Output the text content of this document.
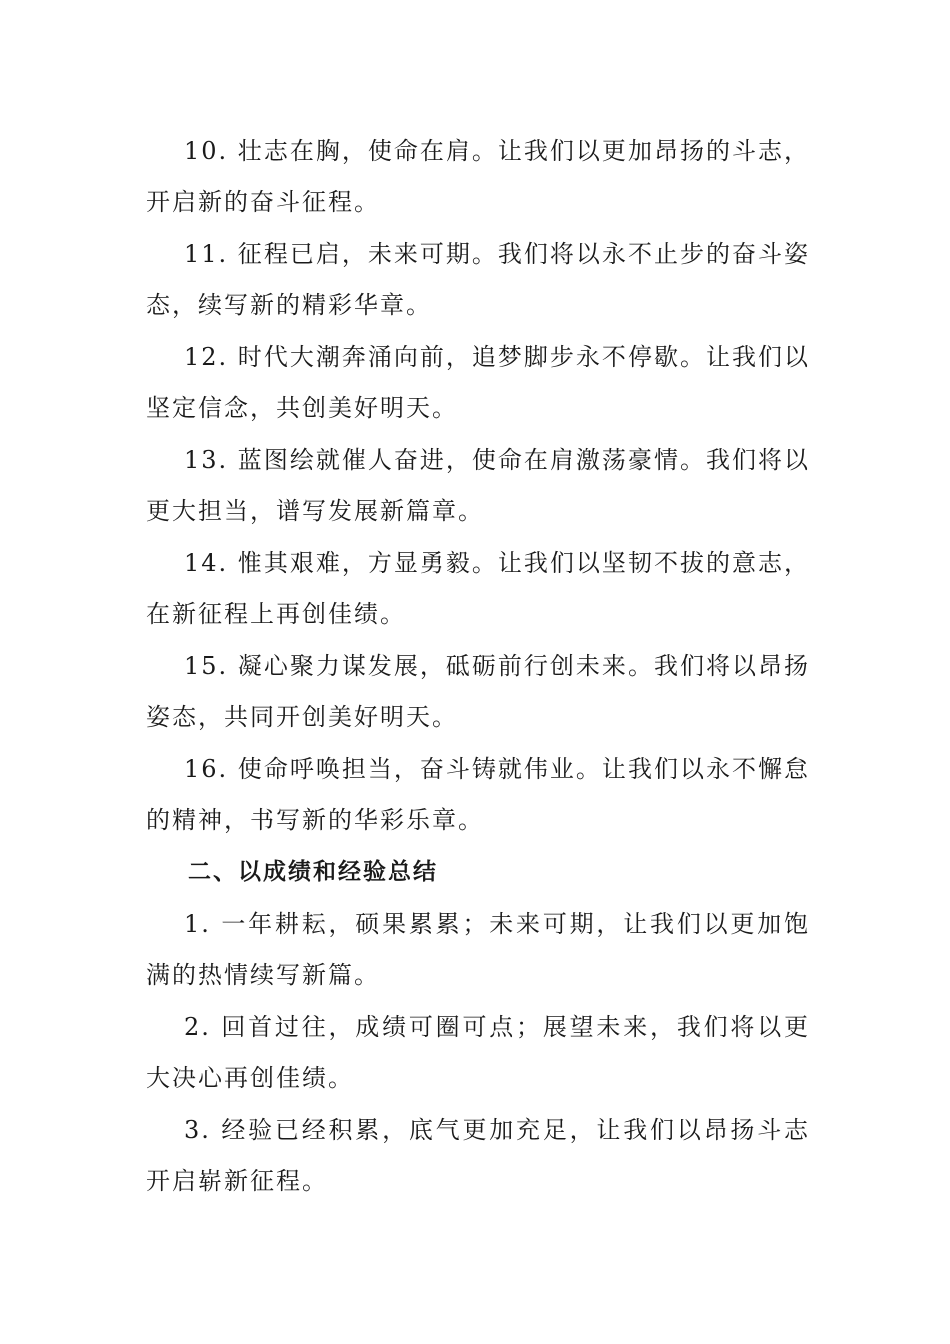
10. 壮志在胸，使命在肩。让我们以更加昂扬的斗志，开启新的奋斗征程。

11. 征程已启，未来可期。我们将以永不止步的奋斗姿态，续写新的精彩华章。

12. 时代大潮奔涌向前，追梦脚步永不停歇。让我们以坚定信念，共创美好明天。

13. 蓝图绘就催人奋进，使命在肩激荡豪情。我们将以更大担当，谱写发展新篇章。

14. 惟其艰难，方显勇毅。让我们以坚韧不拔的意志，在新征程上再创佳绩。

15. 凝心聚力谋发展，砥砺前行创未来。我们将以昂扬姿态，共同开创美好明天。

16. 使命呼唤担当，奋斗铸就伟业。让我们以永不懈怠的精神，书写新的华彩乐章。

二、以成绩和经验总结

1. 一年耕耘，硕果累累；未来可期，让我们以更加饱满的热情续写新篇。

2. 回首过往，成绩可圈可点；展望未来，我们将以更大决心再创佳绩。

3. 经验已经积累，底气更加充足，让我们以昂扬斗志开启崭新征程。
